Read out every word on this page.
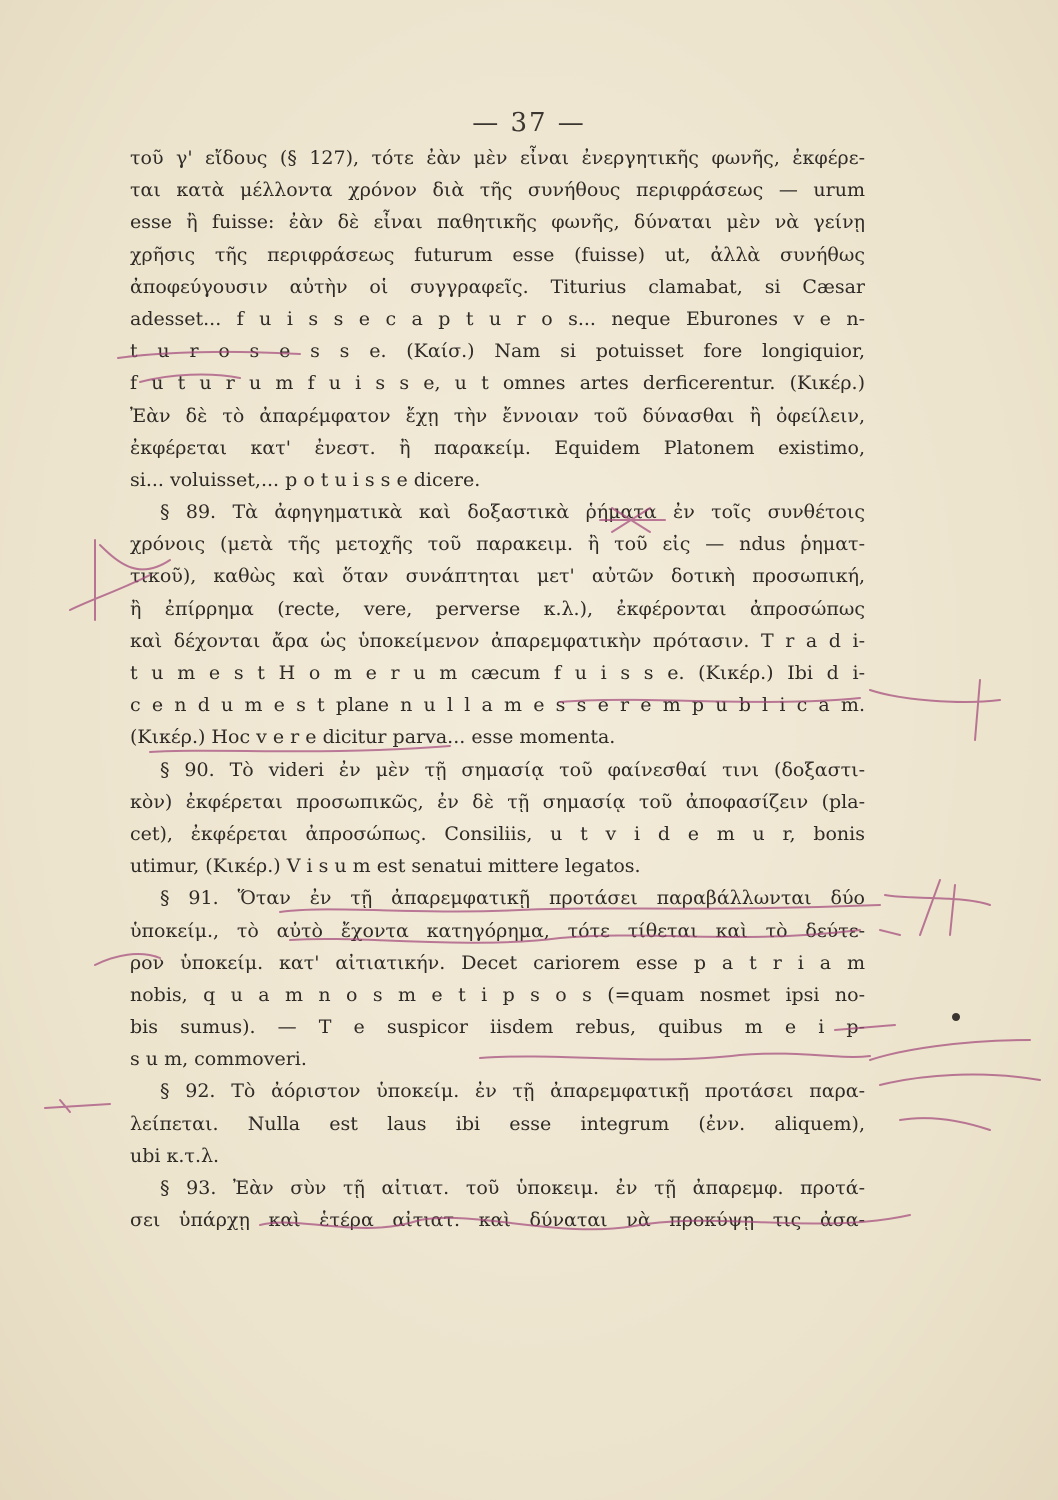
— 37 —
τοῦ γ' εἴδους (§ 127), τότε ἐὰν μὲν εἶναι ἐνεργητικῆς φωνῆς, ἐκφέρε-
ται κατὰ μέλλοντα χρόνον διὰ τῆς συνήθους περιφράσεως — urum
esse ἢ fuisse: ἐὰν δὲ εἶναι παθητικῆς φωνῆς, δύναται μὲν νὰ γείνῃ
χρῆσις τῆς περιφράσεως futurum esse (fuisse) ut, ἀλλὰ συνήθως
ἀποφεύγουσιν αὐτὴν οἱ συγγραφεῖς. Titurius clamabat, si Cæsar
adesset... f u i s s e c a p t u r o s... neque Eburones v e n-
t u r o s e s s e. (Καίσ.) Nam si potuisset fore longiquior,
f u t u r u m f u i s s e, u t omnes artes derficerentur. (Κικέρ.)
Ἐὰν δὲ τὸ ἀπαρέμφατον ἔχῃ τὴν ἔννοιαν τοῦ δύνασθαι ἢ ὀφείλειν,
ἐκφέρεται κατ' ἐνεστ. ἢ παρακείμ. Equidem Platonem existimo,
si... voluisset,... p o t u i s s e dicere.
§ 89. Τὰ ἀφηγηματικὰ καὶ δοξαστικὰ ῥήματα ἐν τοῖς συνθέτοις
χρόνοις (μετὰ τῆς μετοχῆς τοῦ παρακειμ. ἢ τοῦ εἰς — ndus ῥηματ-
τικοῦ), καθὼς καὶ ὅταν συνάπτηται μετ' αὐτῶν δοτικὴ προσωπική,
ἢ ἐπίρρημα (recte, vere, perverse κ.λ.), ἐκφέρονται ἀπροσώπως
καὶ δέχονται ἄρα ὡς ὑποκείμενον ἀπαρεμφατικὴν πρότασιν. T r a d i-
t u m e s t H o m e r u m cæcum f u i s s e. (Κικέρ.) Ibi d i-
c e n d u m e s t plane n u l l a m e s s e r e m p u b l i c a m.
(Κικέρ.) Hoc v e r e dicitur parva... esse momenta.
§ 90. Τὸ videri ἐν μὲν τῇ σημασίᾳ τοῦ φαίνεσθαί τινι (δοξαστι-
κὸν) ἐκφέρεται προσωπικῶς, ἐν δὲ τῇ σημασίᾳ τοῦ ἀποφασίζειν (pla-
cet), ἐκφέρεται ἀπροσώπως. Consiliis, u t v i d e m u r, bonis
utimur, (Κικέρ.) V i s u m est senatui mittere legatos.
§ 91. Ὅταν ἐν τῇ ἀπαρεμφατικῇ προτάσει παραβάλλωνται δύο
ὑποκείμ., τὸ αὐτὸ ἔχοντα κατηγόρημα, τότε τίθεται καὶ τὸ δεύτε-
ρον ὑποκείμ. κατ' αἰτιατικήν. Decet cariorem esse p a t r i a m
nobis, q u a m n o s m e t i p s o s (=quam nosmet ipsi no-
bis sumus). — T e suspicor iisdem rebus, quibus m e i p-
s u m, commoveri.
§ 92. Τὸ ἀόριστον ὑποκείμ. ἐν τῇ ἀπαρεμφατικῇ προτάσει παρα-
λείπεται. Nulla est laus ibi esse integrum (ἐνν. aliquem),
ubi κ.τ.λ.
§ 93. Ἐὰν σὺν τῇ αἰτιατ. τοῦ ὑποκειμ. ἐν τῇ ἀπαρεμφ. προτά-
σει ὑπάρχῃ καὶ ἑτέρα αἰτιατ. καὶ δύναται νὰ προκύψῃ τις ἀσα-
